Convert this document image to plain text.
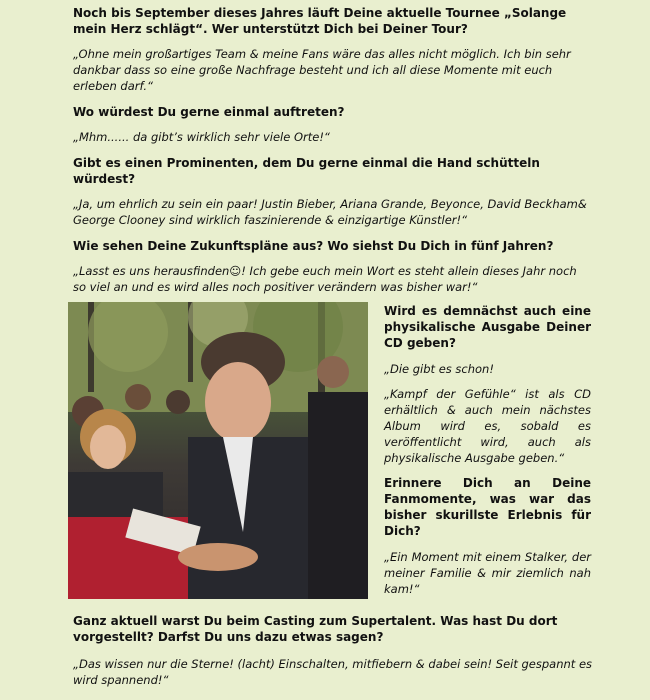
Noch bis September dieses Jahres läuft Deine aktuelle Tournee „Solange mein Herz schlägt“. Wer unterstützt Dich bei Deiner Tour?

„Ohne mein großartiges Team & meine Fans wäre das alles nicht möglich. Ich bin sehr dankbar dass so eine große Nachfrage besteht und ich all diese Momente mit euch erleben darf.“

Wo würdest Du gerne einmal auftreten?

„Mhm...... da gibt’s wirklich sehr viele Orte!“

Gibt es einen Prominenten, dem Du gerne einmal die Hand schütteln würdest?

„Ja, um ehrlich zu sein ein paar! Justin Bieber, Ariana Grande, Beyonce, David Beckham& George Clooney sind wirklich faszinierende & einzigartige Künstler!“

Wie sehen Deine Zukunftspläne aus? Wo siehst Du Dich in fünf Jahren?

„Lasst es uns herausfinden☺! Ich gebe euch mein Wort es steht allein dieses Jahr noch so viel an und es wird alles noch positiver verändern was bisher war!“

Wird es demnächst auch eine physikalische Ausgabe Deiner CD geben?

„Die gibt es schon!

„Kampf der Gefühle“ ist als CD erhältlich & auch mein nächstes Album wird es, sobald es veröffentlicht wird, auch als physikalische Ausgabe geben.“

Erinnere Dich an Deine Fanmomente, was war das bisher skurillste Erlebnis für Dich?

„Ein Moment mit einem Stalker, der meiner Familie & mir ziemlich nah kam!“

Ganz aktuell warst Du beim Casting zum Supertalent. Was hast Du dort vorgestellt? Darfst Du uns dazu etwas sagen?

„Das wissen nur die Sterne! (lacht) Einschalten, mitfiebern & dabei sein! Seit gespannt es wird spannend!“
